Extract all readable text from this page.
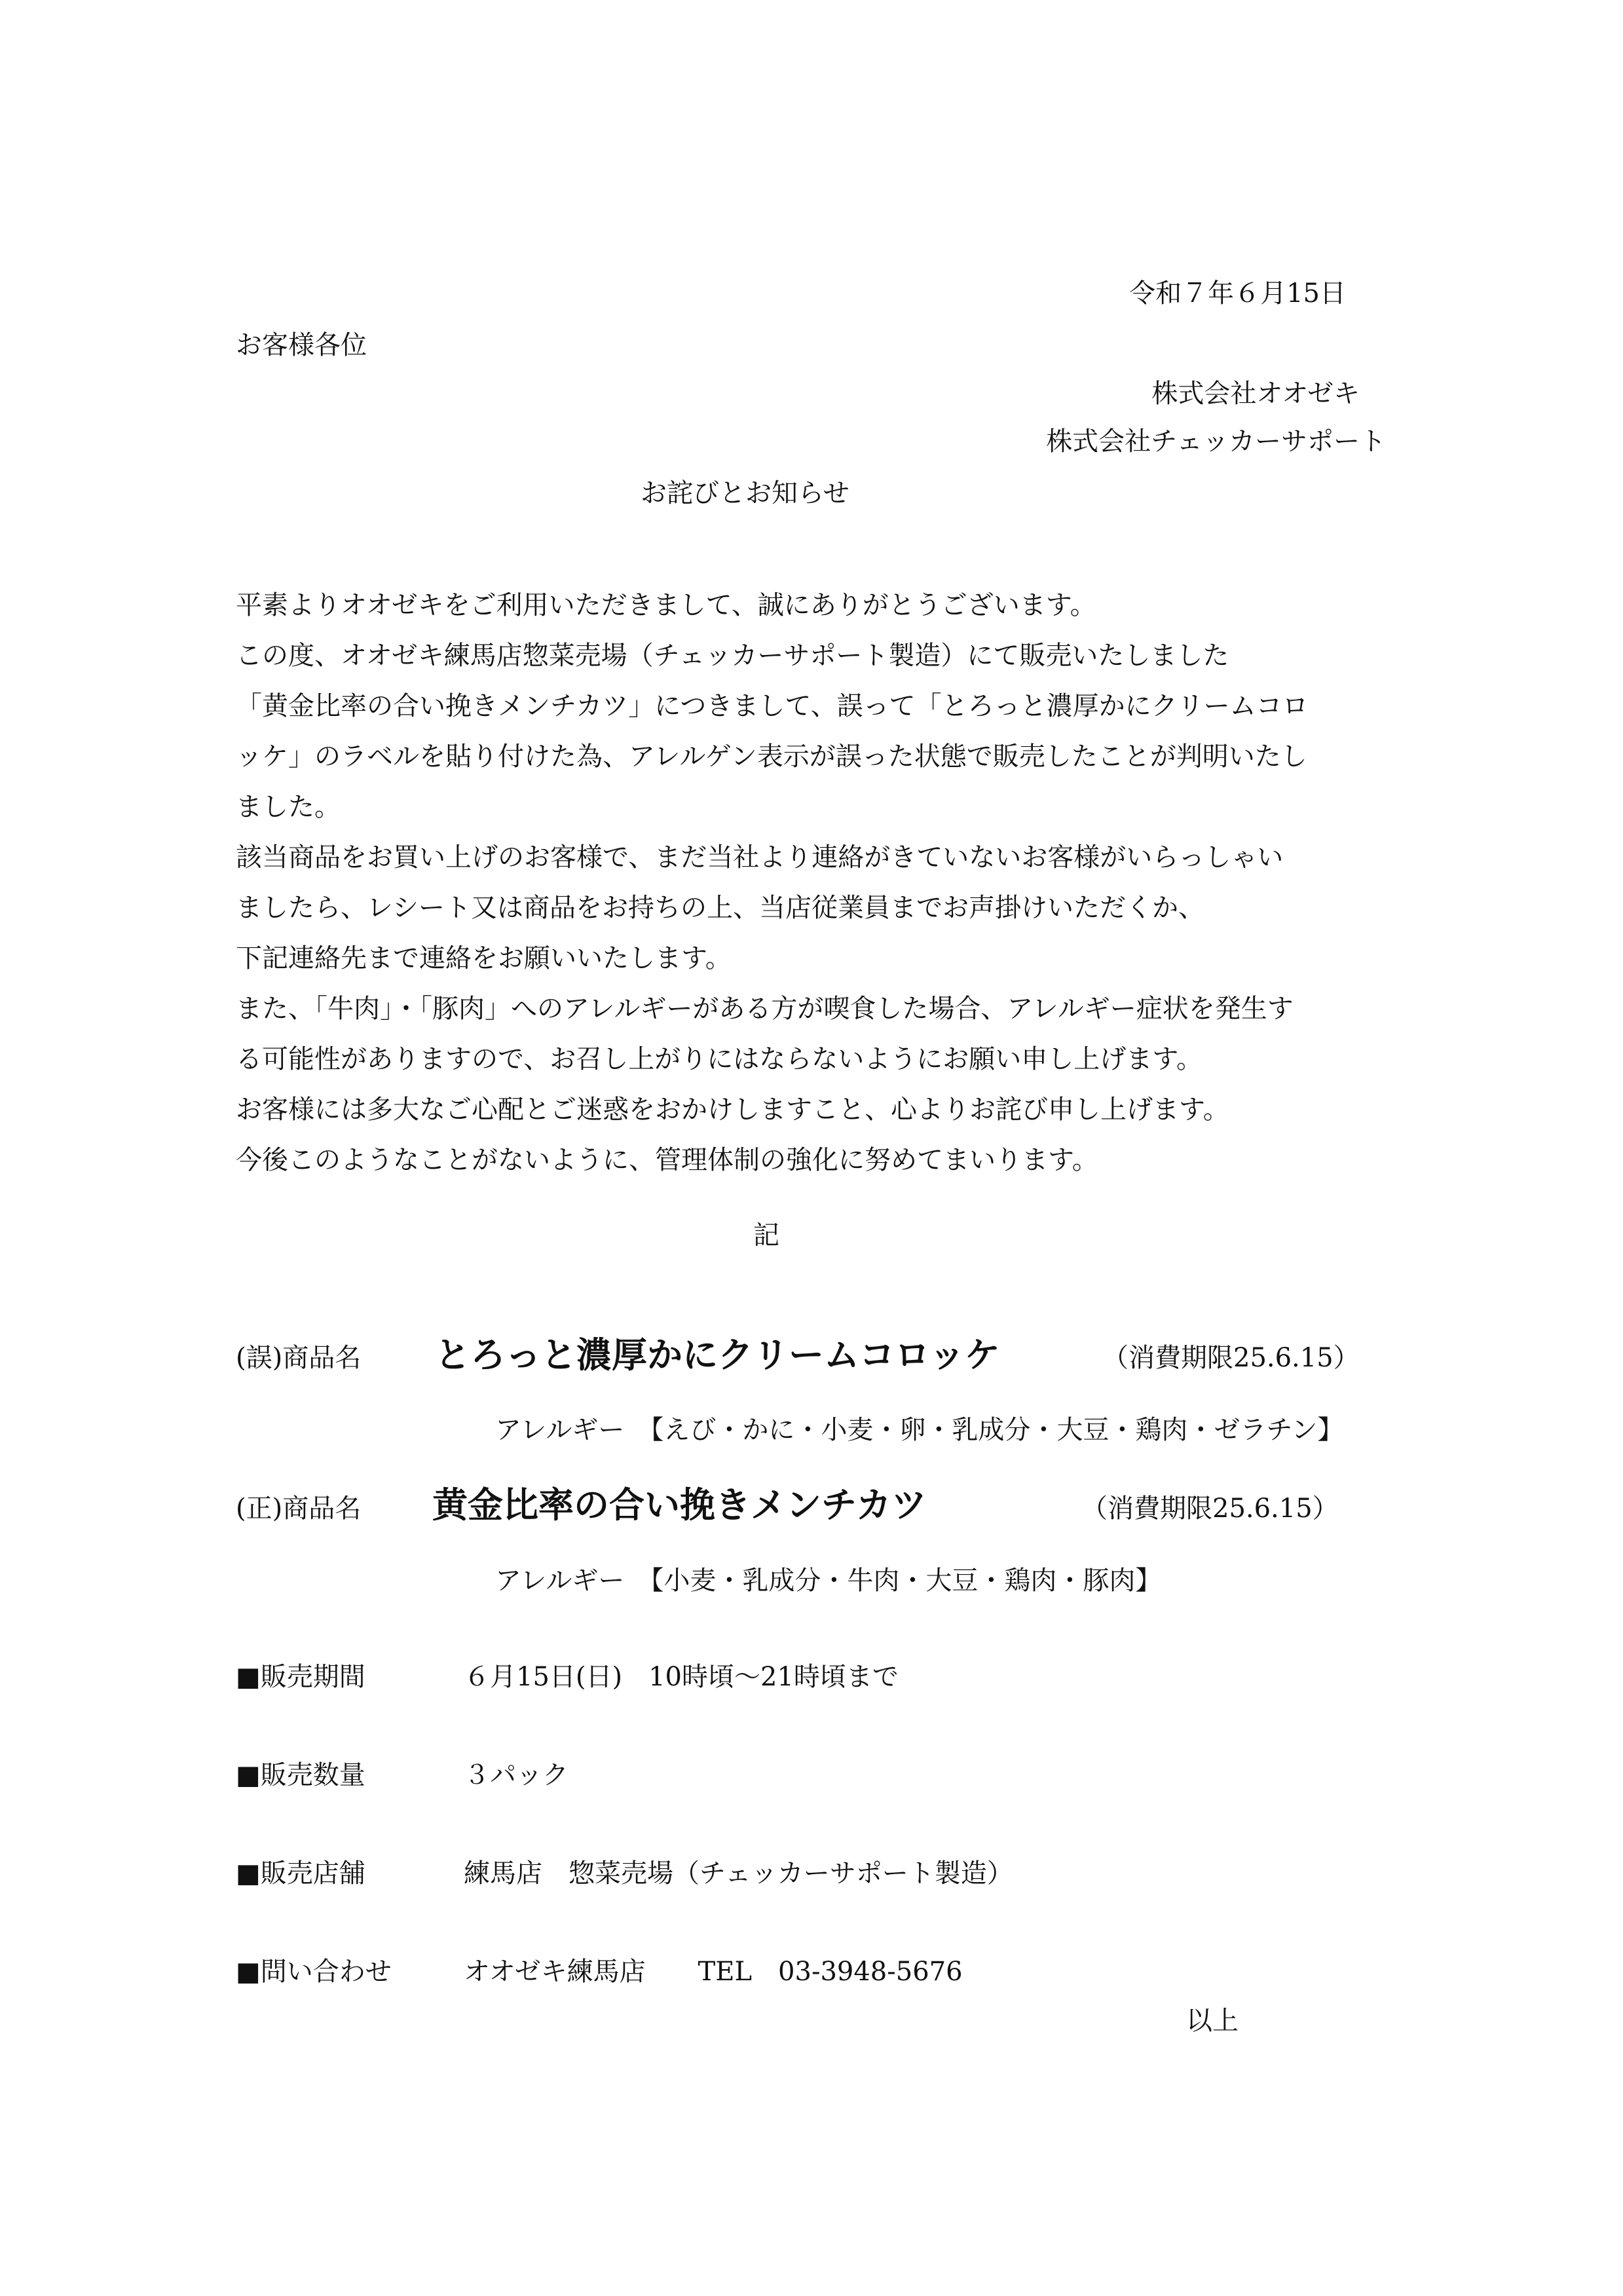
令和７年６月15日
お客様各位
株式会社オオゼキ
株式会社チェッカーサポート
お詫びとお知らせ

平素よりオオゼキをご利用いただきまして、誠にありがとうございます。

この度、オオゼキ練馬店惣菜売場（チェッカーサポート製造）にて販売いたしました

「黄金比率の合い挽きメンチカツ」につきまして、誤って「とろっと濃厚かにクリームコロ

ッケ」のラベルを貼り付けた為、アレルゲン表示が誤った状態で販売したことが判明いたし

ました。

該当商品をお買い上げのお客様で、まだ当社より連絡がきていないお客様がいらっしゃい

ましたら、レシート又は商品をお持ちの上、当店従業員までお声掛けいただくか、

下記連絡先まで連絡をお願いいたします。

また、「牛肉」・「豚肉」へのアレルギーがある方が喫食した場合、アレルギー症状を発生す

る可能性がありますので、お召し上がりにはならないようにお願い申し上げます。

お客様には多大なご心配とご迷惑をおかけしますこと、心よりお詫び申し上げます。

今後このようなことがないように、管理体制の強化に努めてまいります。

記
(誤)商品名 とろっと濃厚かにクリームコロッケ	（消費期限25.6.15）
アレルギー　【えび・かに・小麦・卵・乳成分・大豆・鶏肉・ゼラチン】
(正)商品名 黄金比率の合い挽きメンチカツ	（消費期限25.6.15）
アレルギー　【小麦・乳成分・牛肉・大豆・鶏肉・豚肉】
■販売期間	６月15日(日)　10時頃～21時頃まで
■販売数量	３パック
■販売店舗	練馬店　惣菜売場（チェッカーサポート製造）
■問い合わせ	オオゼキ練馬店　　TEL　03-3948-5676
以上
